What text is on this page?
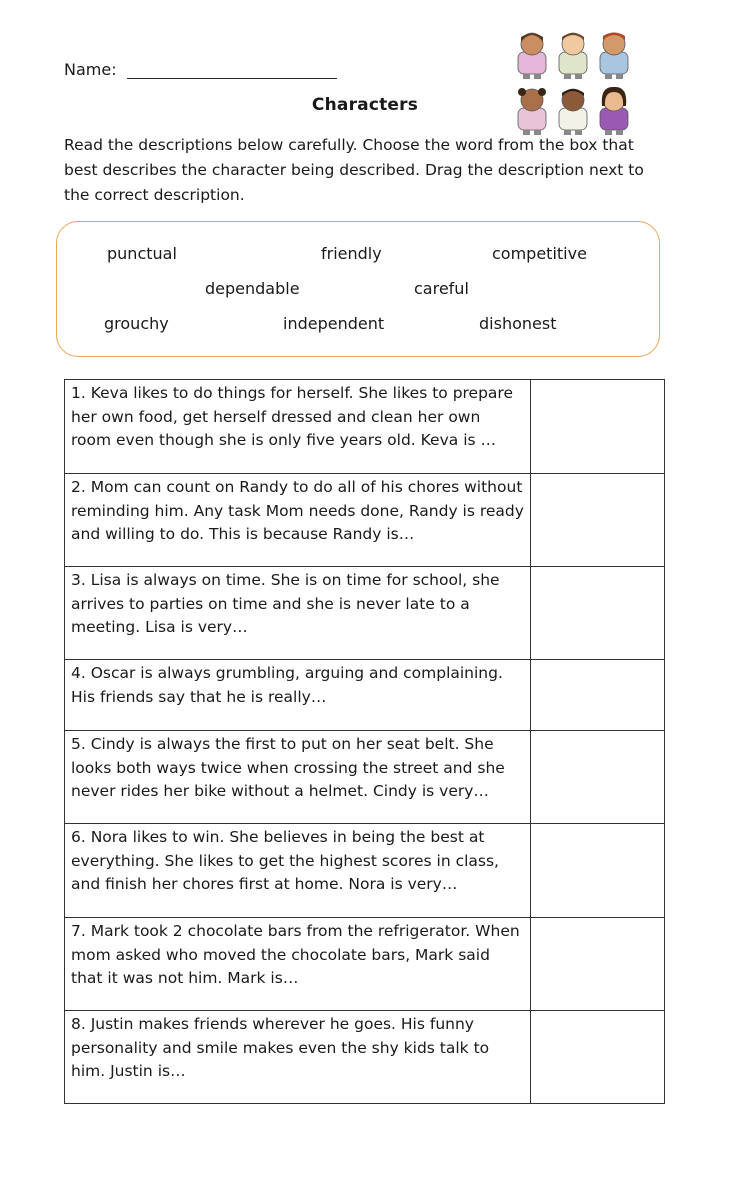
Name:
Characters
Read the descriptions below carefully. Choose the word from the box that best describes the character being described. Drag the description next to the correct description.
punctual	friendly	competitive
dependable	careful
grouchy	independent	dishonest
1. Keva likes to do things for herself. She likes to prepare her own food, get herself dressed and clean her own room even though she is only five years old. Keva is …	
2. Mom can count on Randy to do all of his chores without reminding him. Any task Mom needs done, Randy is ready and willing to do. This is because Randy is…	
3. Lisa is always on time. She is on time for school, she arrives to parties on time and she is never late to a meeting. Lisa is very…	
4. Oscar is always grumbling, arguing and complaining. His friends say that he is really…	
5. Cindy is always the first to put on her seat belt. She looks both ways twice when crossing the street and she never rides her bike without a helmet. Cindy is very…	
6. Nora likes to win. She believes in being the best at everything. She likes to get the highest scores in class, and finish her chores first at home. Nora is very…	
7. Mark took 2 chocolate bars from the refrigerator. When mom asked who moved the chocolate bars, Mark said that it was not him. Mark is…	
8. Justin makes friends wherever he goes. His funny personality and smile makes even the shy kids talk to him. Justin is…	
